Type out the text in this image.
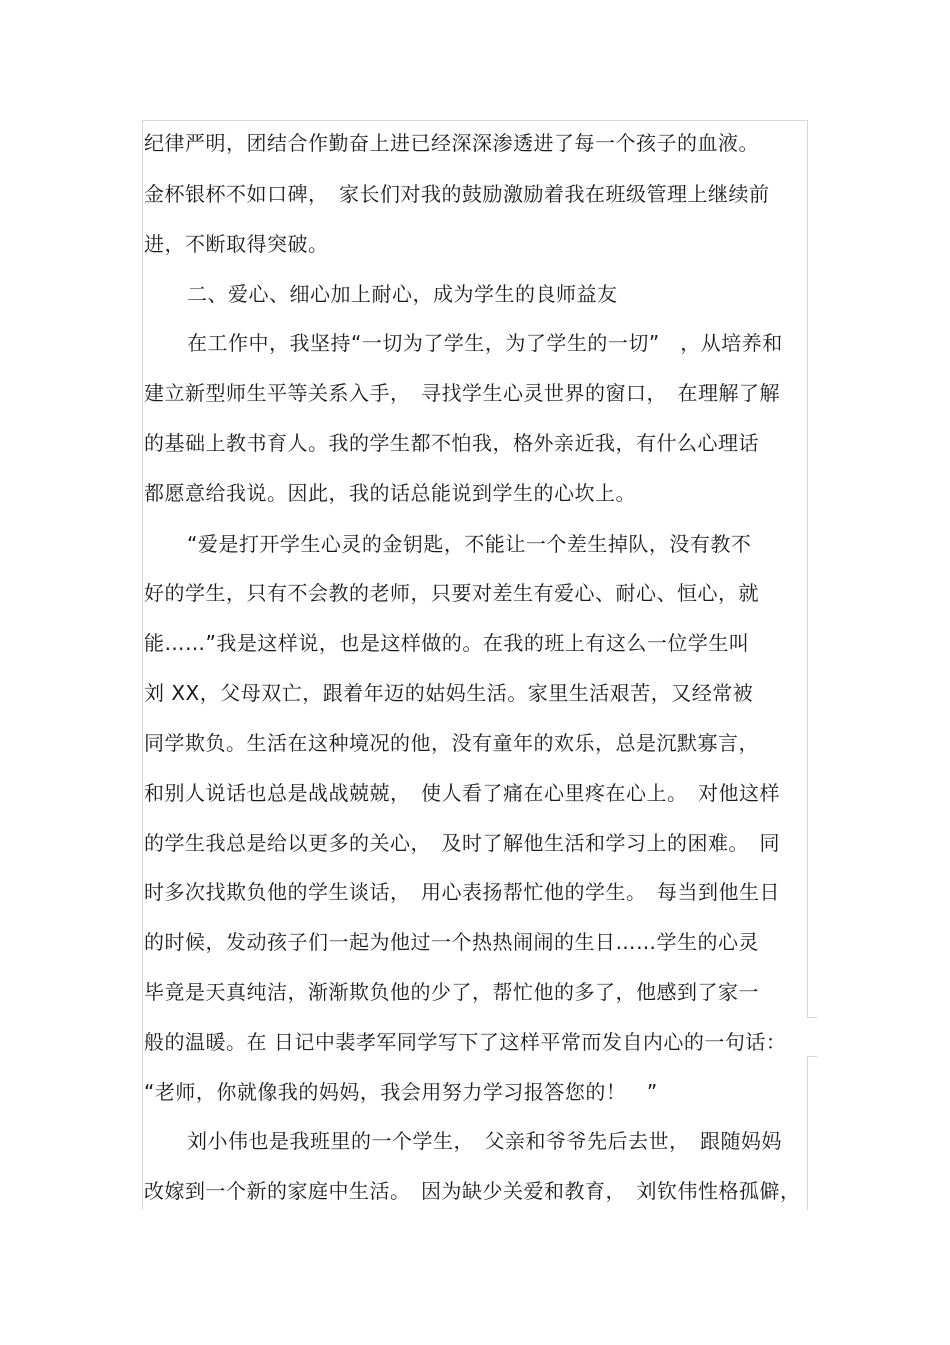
纪律严明，团结合作勤奋上进已经深深渗透进了每一个孩子的血液。
金杯银杯不如口碑，　家长们对我的鼓励激励着我在班级管理上继续前
进，不断取得突破。
二、爱心、细心加上耐心，成为学生的良师益友
在工作中，我坚持“一切为了学生，为了学生的一切”　，从培养和
建立新型师生平等关系入手，　寻找学生心灵世界的窗口，　在理解了解
的基础上教书育人。我的学生都不怕我，格外亲近我，有什么心理话
都愿意给我说。因此，我的话总能说到学生的心坎上。
“爱是打开学生心灵的金钥匙，不能让一个差生掉队，没有教不
好的学生，只有不会教的老师，只要对差生有爱心、耐心、恒心，就
能……”我是这样说，也是这样做的。在我的班上有这么一位学生叫
刘 XX，父母双亡，跟着年迈的姑妈生活。家里生活艰苦，又经常被
同学欺负。生活在这种境况的他，没有童年的欢乐，总是沉默寡言，
和别人说话也总是战战兢兢，　使人看了痛在心里疼在心上。　对他这样
的学生我总是给以更多的关心，　及时了解他生活和学习上的困难。　同
时多次找欺负他的学生谈话，　用心表扬帮忙他的学生。　每当到他生日
的时候，发动孩子们一起为他过一个热热闹闹的生日……学生的心灵
毕竟是天真纯洁，渐渐欺负他的少了，帮忙他的多了，他感到了家一
般的温暖。在 日记中裴孝军同学写下了这样平常而发自内心的一句话：
“老师，你就像我的妈妈，我会用努力学习报答您的！　”
刘小伟也是我班里的一个学生，　父亲和爷爷先后去世，　跟随妈妈
改嫁到一个新的家庭中生活。　因为缺少关爱和教育，　刘钦伟性格孤僻，
